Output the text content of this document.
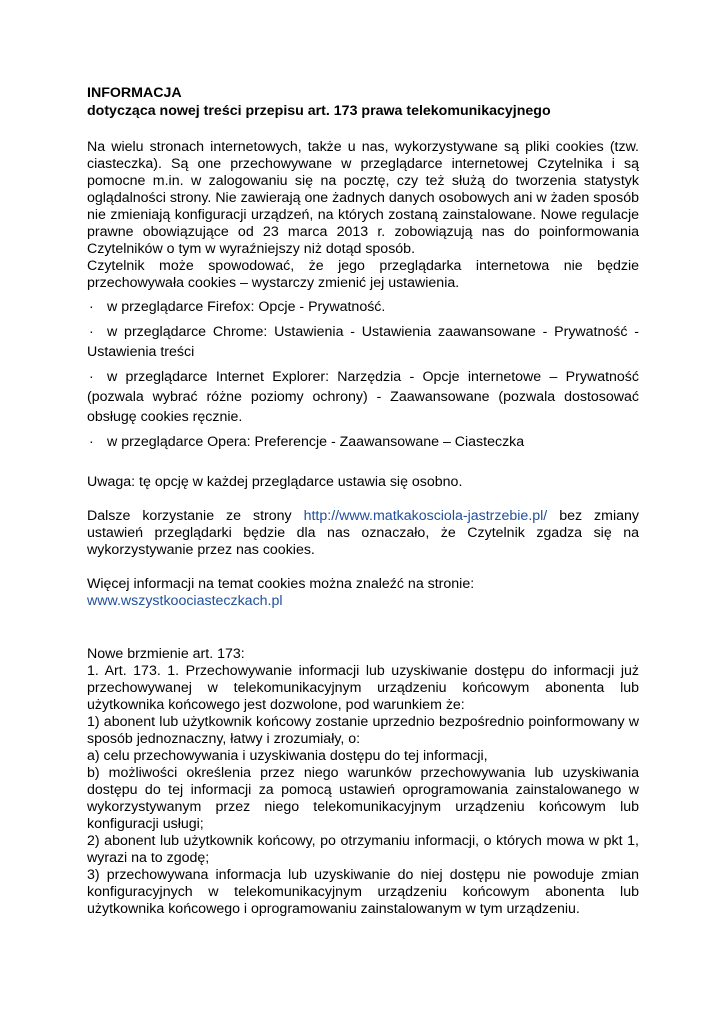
INFORMACJA

dotycząca nowej treści przepisu art. 173 prawa telekomunikacyjnego

Na wielu stronach internetowych, także u nas, wykorzystywane są pliki cookies (tzw. ciasteczka). Są one przechowywane w przeglądarce internetowej Czytelnika i są pomocne m.in. w zalogowaniu się na pocztę, czy też służą do tworzenia statystyk oglądalności strony. Nie zawierają one żadnych danych osobowych ani w żaden sposób nie zmieniają konfiguracji urządzeń, na których zostaną zainstalowane. Nowe regulacje prawne obowiązujące od 23 marca 2013 r. zobowiązują nas do poinformowania Czytelników o tym w wyraźniejszy niż dotąd sposób.

Czytelnik może spowodować, że jego przeglądarka internetowa nie będzie przechowywała cookies – wystarczy zmienić jej ustawienia.

· w przeglądarce Firefox: Opcje - Prywatność.
· w przeglądarce Chrome: Ustawienia - Ustawienia zaawansowane - Prywatność - Ustawienia treści
· w przeglądarce Internet Explorer: Narzędzia - Opcje internetowe – Prywatność (pozwala wybrać różne poziomy ochrony) - Zaawansowane (pozwala dostosować obsługę cookies ręcznie.
· w przeglądarce Opera: Preferencje - Zaawansowane – Ciasteczka

Uwaga: tę opcję w każdej przeglądarce ustawia się osobno.

Dalsze korzystanie ze strony http://www.matkakosciola-jastrzebie.pl/ bez zmiany ustawień przeglądarki będzie dla nas oznaczało, że Czytelnik zgadza się na wykorzystywanie przez nas cookies.

Więcej informacji na temat cookies można znaleźć na stronie:

www.wszystkoociasteczkach.pl

Nowe brzmienie art. 173:

1. Art. 173. 1. Przechowywanie informacji lub uzyskiwanie dostępu do informacji już przechowywanej w telekomunikacyjnym urządzeniu końcowym abonenta lub użytkownika końcowego jest dozwolone, pod warunkiem że:

1) abonent lub użytkownik końcowy zostanie uprzednio bezpośrednio poinformowany w sposób jednoznaczny, łatwy i zrozumiały, o:

a) celu przechowywania i uzyskiwania dostępu do tej informacji,

b) możliwości określenia przez niego warunków przechowywania lub uzyskiwania dostępu do tej informacji za pomocą ustawień oprogramowania zainstalowanego w wykorzystywanym przez niego telekomunikacyjnym urządzeniu końcowym lub konfiguracji usługi;

2) abonent lub użytkownik końcowy, po otrzymaniu informacji, o których mowa w pkt 1, wyrazi na to zgodę;

3) przechowywana informacja lub uzyskiwanie do niej dostępu nie powoduje zmian konfiguracyjnych w telekomunikacyjnym urządzeniu końcowym abonenta lub użytkownika końcowego i oprogramowaniu zainstalowanym w tym urządzeniu.
